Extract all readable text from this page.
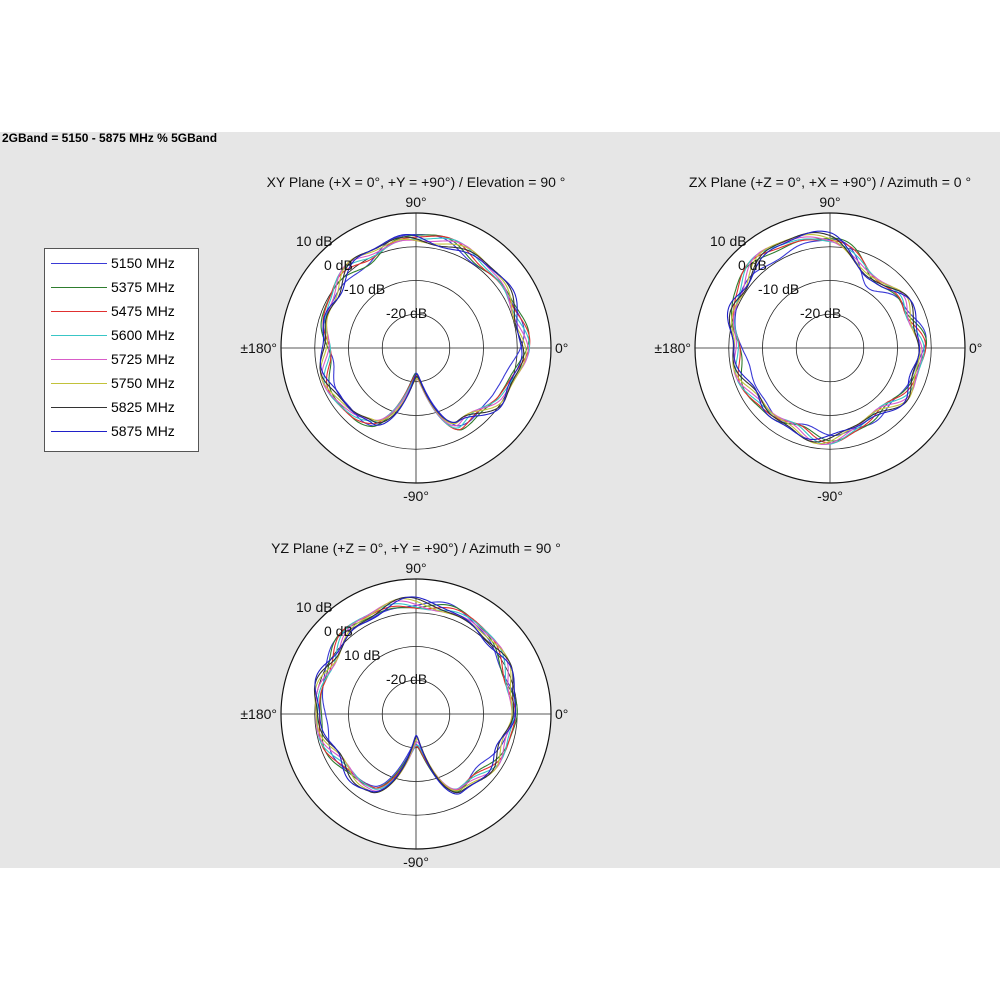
2GBand = 5150 - 5875 MHz % 5GBand
5150 MHz
5375 MHz
5475 MHz
5600 MHz
5725 MHz
5750 MHz
5825 MHz
5875 MHz
XY Plane (+X = 0°, +Y = +90°) / Elevation = 90 °
10 dB
0 dB
-10 dB
-20 dB
90°
-90°
±180°	0°
ZX Plane (+Z = 0°, +X = +90°) / Azimuth = 0 °
10 dB
0 dB
-10 dB
-20 dB
90°
-90°
±180°	0°
YZ Plane (+Z = 0°, +Y = +90°) / Azimuth = 90 °
10 dB
0 dB
10 dB
-20 dB
90°
-90°
±180°	0°
